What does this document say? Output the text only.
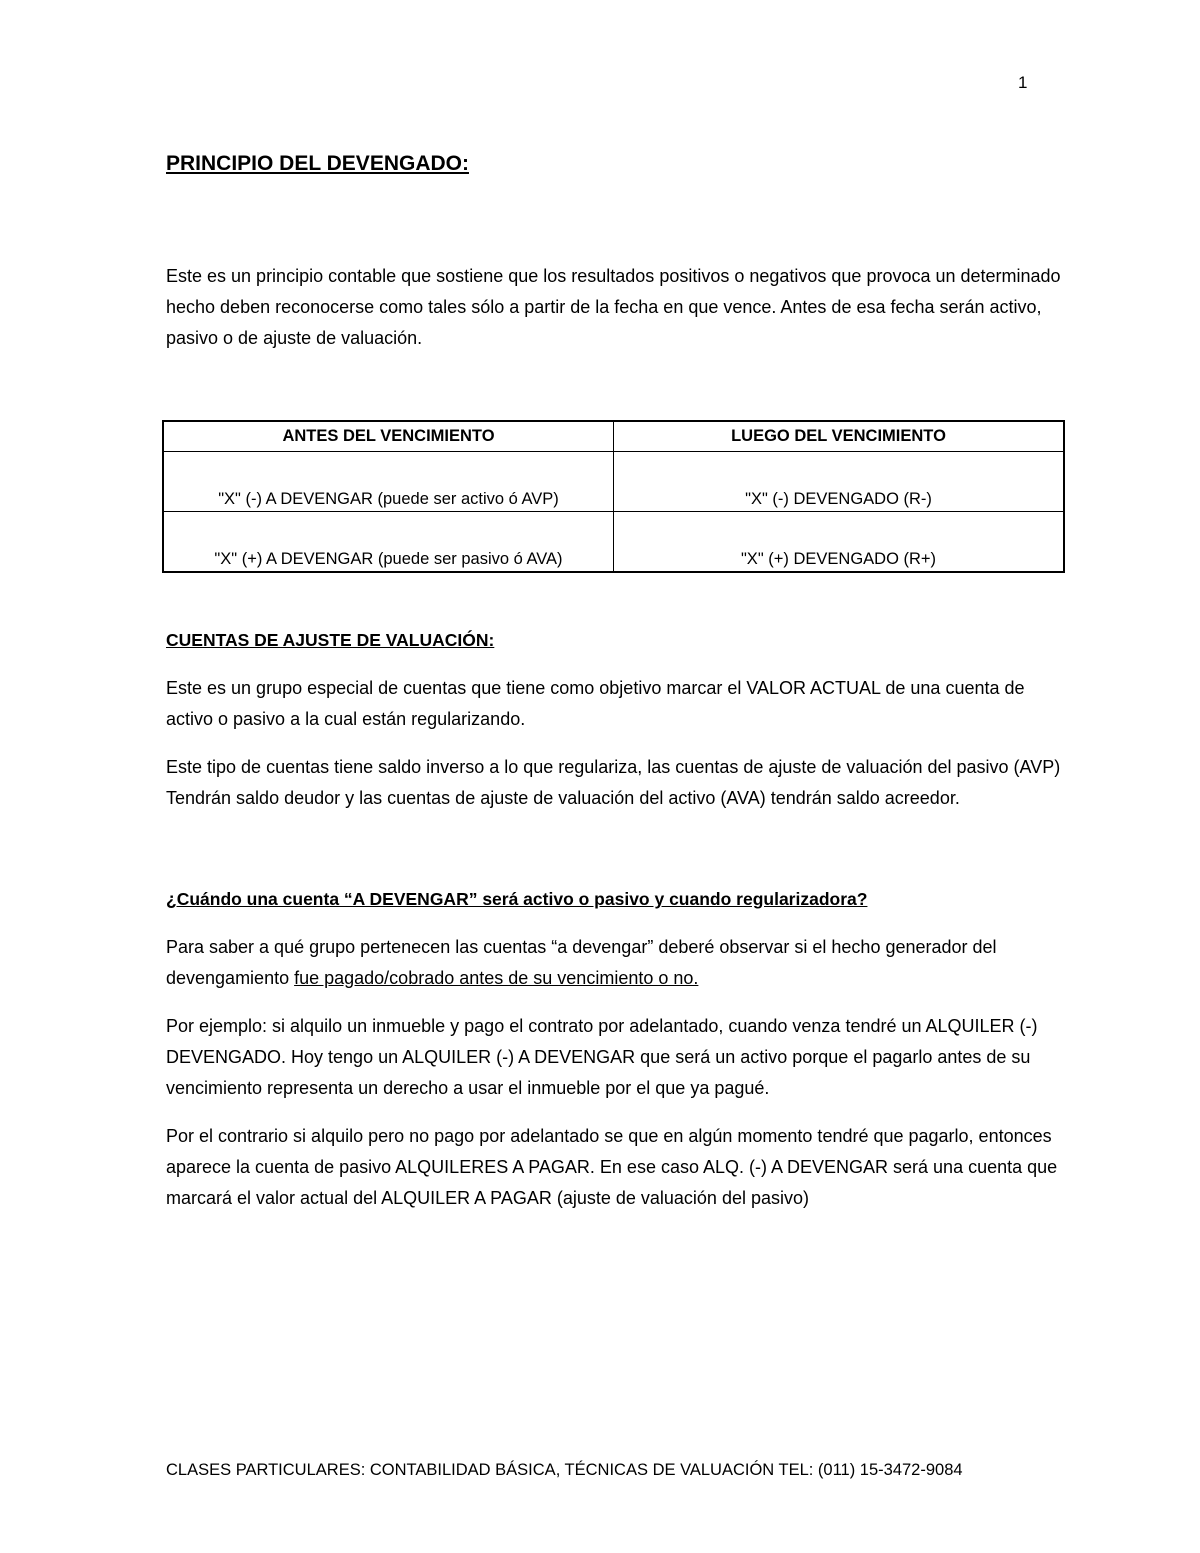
1
PRINCIPIO DEL DEVENGADO:

Este es un principio contable que sostiene que los resultados positivos o negativos que provoca un determinado hecho deben reconocerse como tales sólo a partir de la fecha en que vence. Antes de esa fecha serán activo, pasivo o de ajuste de valuación.

ANTES DEL VENCIMIENTO	LUEGO DEL VENCIMIENTO
"X" (-) A DEVENGAR (puede ser activo ó AVP)	"X" (-) DEVENGADO (R-)
"X" (+) A DEVENGAR (puede ser pasivo ó AVA)	"X" (+) DEVENGADO (R+)
CUENTAS DE AJUSTE DE VALUACIÓN:

Este es un grupo especial de cuentas que tiene como objetivo marcar el VALOR ACTUAL de una cuenta de activo o pasivo a la cual están regularizando.

Este tipo de cuentas tiene saldo inverso a lo que regulariza, las cuentas de ajuste de valuación del pasivo (AVP) Tendrán saldo deudor y las cuentas de ajuste de valuación del activo (AVA) tendrán saldo acreedor.

¿Cuándo una cuenta “A DEVENGAR” será activo o pasivo y cuando regularizadora?

Para saber a qué grupo pertenecen las cuentas “a devengar” deberé observar si el hecho generador del devengamiento fue pagado/cobrado antes de su vencimiento o no.

Por ejemplo: si alquilo un inmueble y pago el contrato por adelantado, cuando venza tendré un ALQUILER (-) DEVENGADO. Hoy tengo un ALQUILER (-) A DEVENGAR que será un activo porque el pagarlo antes de su vencimiento representa un derecho a usar el inmueble por el que ya pagué.

Por el contrario si alquilo pero no pago por adelantado se que en algún momento tendré que pagarlo, entonces aparece la cuenta de pasivo ALQUILERES A PAGAR. En ese caso ALQ. (-) A DEVENGAR será una cuenta que marcará el valor actual del ALQUILER A PAGAR (ajuste de valuación del pasivo)

CLASES PARTICULARES: CONTABILIDAD BÁSICA, TÉCNICAS DE VALUACIÓN TEL: (011) 15-3472-9084
